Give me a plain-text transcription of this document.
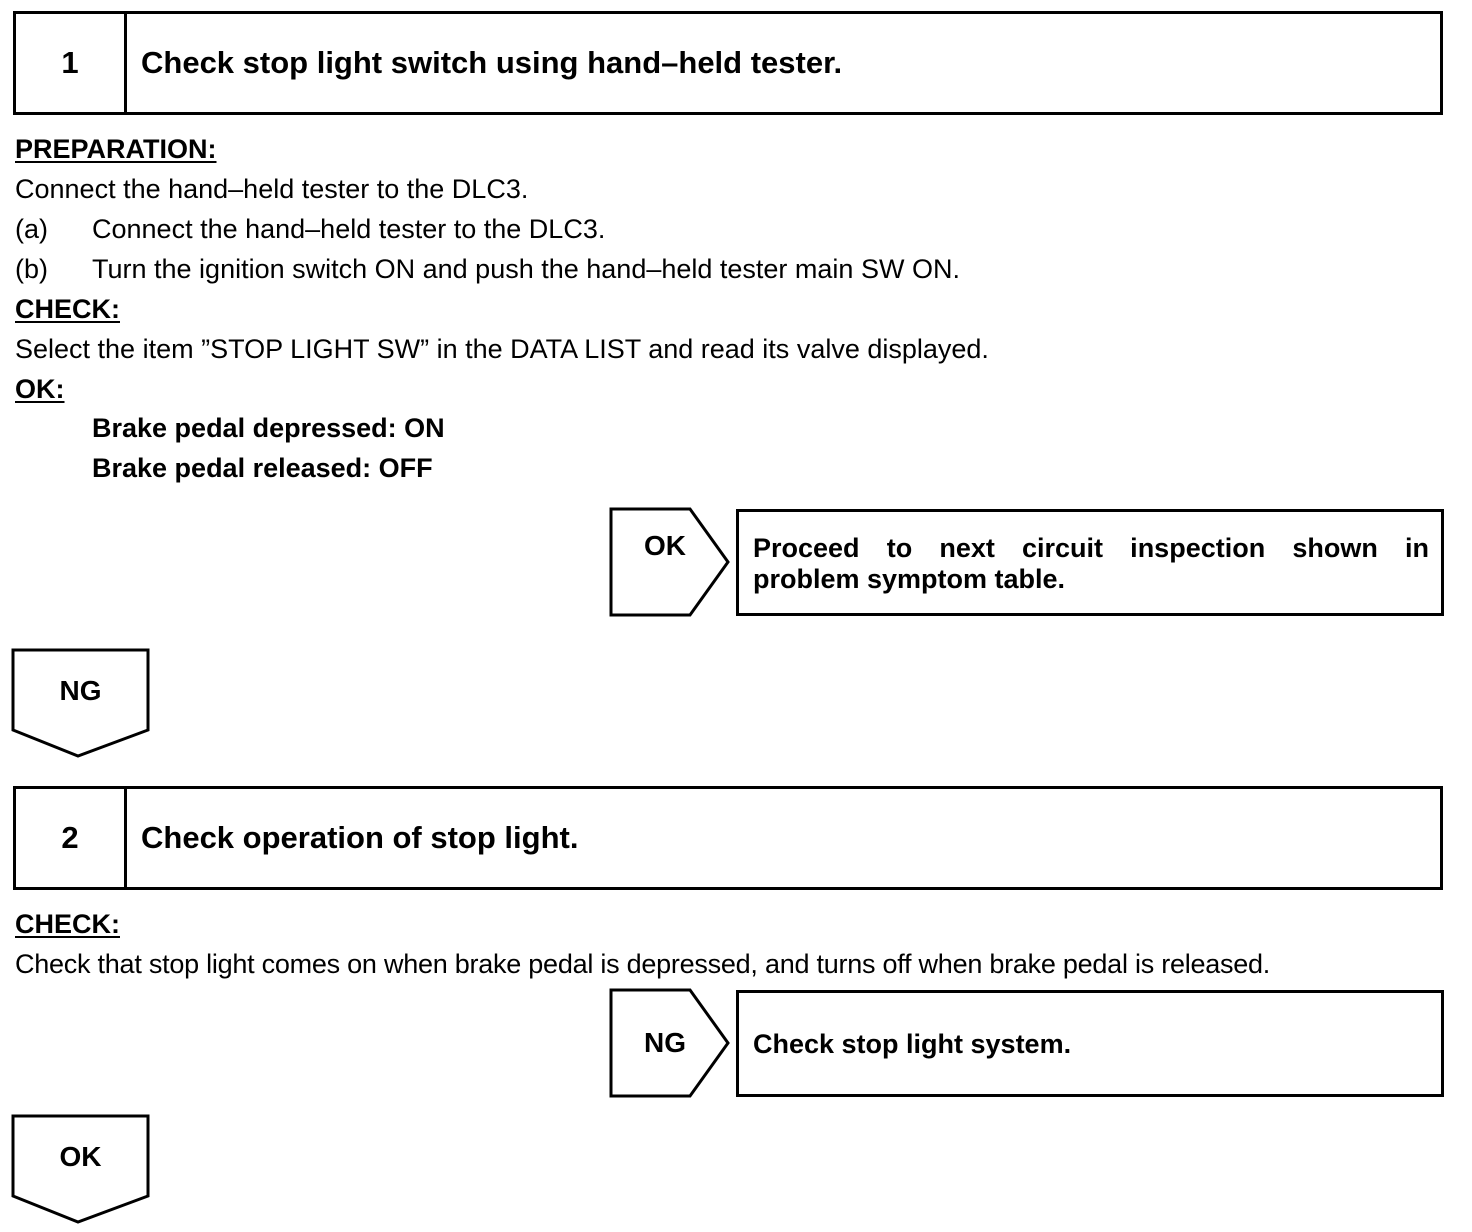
1	Check stop light switch using hand–held tester.
PREPARATION:
Connect the hand–held tester to the DLC3.
(a) Connect the hand–held tester to the DLC3.
(b) Turn the ignition switch ON and push the hand–held tester main SW ON.
CHECK:
Select the item ”STOP LIGHT SW” in the DATA LIST and read its valve displayed.
OK:
Brake pedal depressed: ON
Brake pedal released: OFF
OK	Proceed to next circuit inspection shown in
problem symptom table.
NG
2	Check operation of stop light.
CHECK:
Check that stop light comes on when brake pedal is depressed, and turns off when brake pedal is released.
NG	Check stop light system.
OK
